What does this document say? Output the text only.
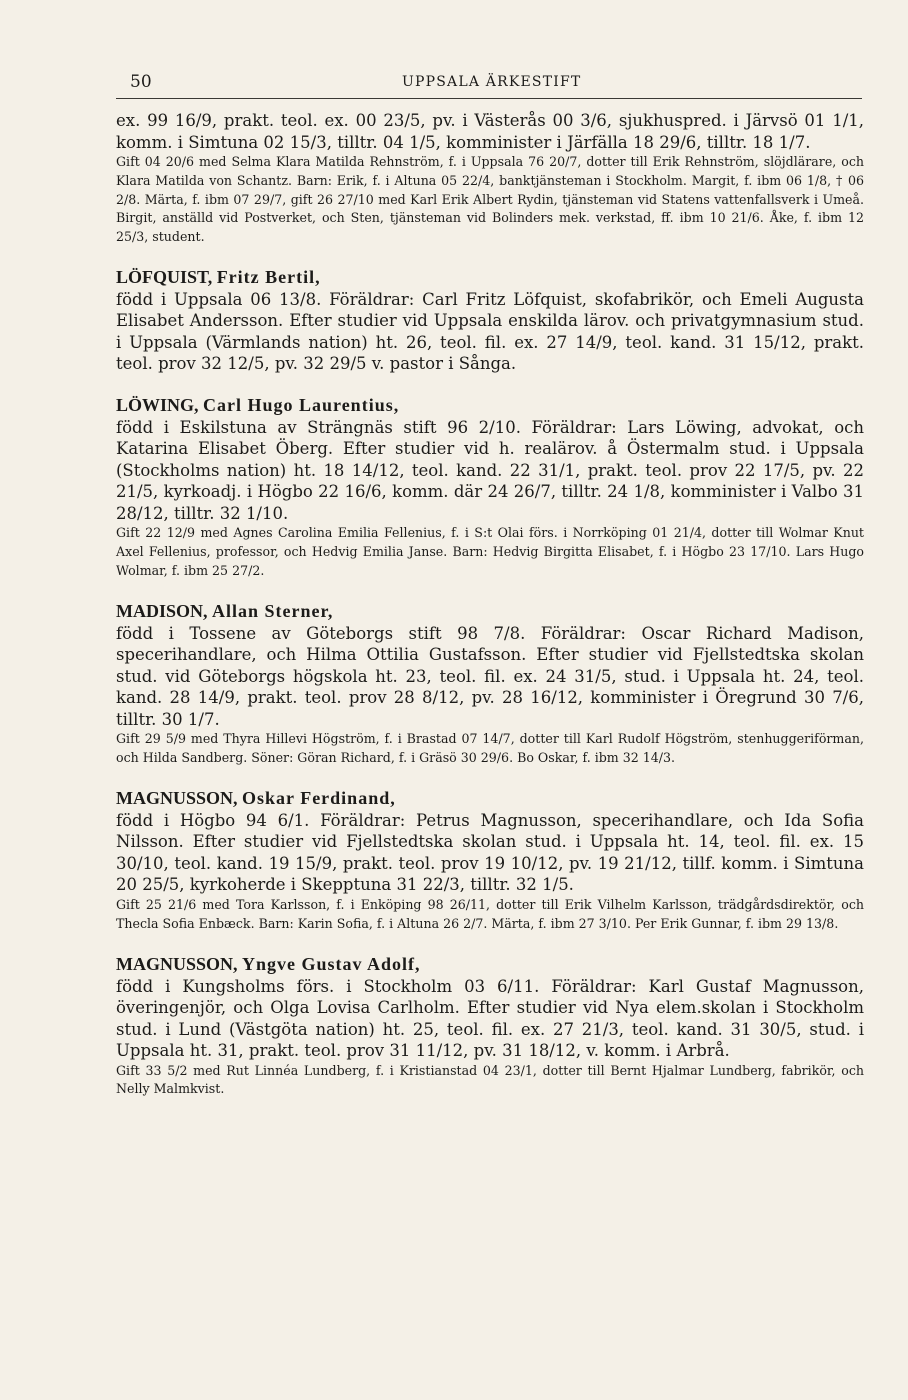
50	UPPSALA ÄRKESTIFT

ex. 99 16/9, prakt. teol. ex. 00 23/5, pv. i Västerås 00 3/6, sjukhuspred. i Järvsö 01 1/1, komm. i Simtuna 02 15/3, tilltr. 04 1/5, komminister i Järfälla 18 29/6, tilltr. 18 1/7.

Gift 04 20/6 med Selma Klara Matilda Rehnström, f. i Uppsala 76 20/7, dotter till Erik Rehnström, slöjdlärare, och Klara Matilda von Schantz. Barn: Erik, f. i Altuna 05 22/4, banktjänsteman i Stockholm. Margit, f. ibm 06 1/8, † 06 2/8. Märta, f. ibm 07 29/7, gift 26 27/10 med Karl Erik Albert Rydin, tjänsteman vid Statens vattenfallsverk i Umeå. Birgit, anställd vid Postverket, och Sten, tjänsteman vid Bolinders mek. verkstad, ff. ibm 10 21/6. Åke, f. ibm 12 25/3, student.

LÖFQUIST, Fritz Bertil,

född i Uppsala 06 13/8. Föräldrar: Carl Fritz Löfquist, skofabrikör, och Emeli Augusta Elisabet Andersson. Efter studier vid Uppsala enskilda lärov. och privatgymnasium stud. i Uppsala (Värmlands nation) ht. 26, teol. fil. ex. 27 14/9, teol. kand. 31 15/12, prakt. teol. prov 32 12/5, pv. 32 29/5 v. pastor i Sånga.

LÖWING, Carl Hugo Laurentius,

född i Eskilstuna av Strängnäs stift 96 2/10. Föräldrar: Lars Löwing, advokat, och Katarina Elisabet Öberg. Efter studier vid h. realärov. å Östermalm stud. i Uppsala (Stockholms nation) ht. 18 14/12, teol. kand. 22 31/1, prakt. teol. prov 22 17/5, pv. 22 21/5, kyrkoadj. i Högbo 22 16/6, komm. där 24 26/7, tilltr. 24 1/8, komminister i Valbo 31 28/12, tilltr. 32 1/10.

Gift 22 12/9 med Agnes Carolina Emilia Fellenius, f. i S:t Olai förs. i Norrköping 01 21/4, dotter till Wolmar Knut Axel Fellenius, professor, och Hedvig Emilia Janse. Barn: Hedvig Birgitta Elisabet, f. i Högbo 23 17/10. Lars Hugo Wolmar, f. ibm 25 27/2.

MADISON, Allan Sterner,

född i Tossene av Göteborgs stift 98 7/8. Föräldrar: Oscar Richard Madison, specerihandlare, och Hilma Ottilia Gustafsson. Efter studier vid Fjellstedtska skolan stud. vid Göteborgs högskola ht. 23, teol. fil. ex. 24 31/5, stud. i Uppsala ht. 24, teol. kand. 28 14/9, prakt. teol. prov 28 8/12, pv. 28 16/12, komminister i Öregrund 30 7/6, tilltr. 30 1/7.

Gift 29 5/9 med Thyra Hillevi Högström, f. i Brastad 07 14/7, dotter till Karl Rudolf Högström, stenhuggeriförman, och Hilda Sandberg. Söner: Göran Richard, f. i Gräsö 30 29/6. Bo Oskar, f. ibm 32 14/3.

MAGNUSSON, Oskar Ferdinand,

född i Högbo 94 6/1. Föräldrar: Petrus Magnusson, specerihandlare, och Ida Sofia Nilsson. Efter studier vid Fjellstedtska skolan stud. i Uppsala ht. 14, teol. fil. ex. 15 30/10, teol. kand. 19 15/9, prakt. teol. prov 19 10/12, pv. 19 21/12, tillf. komm. i Simtuna 20 25/5, kyrkoherde i Skepptuna 31 22/3, tilltr. 32 1/5.

Gift 25 21/6 med Tora Karlsson, f. i Enköping 98 26/11, dotter till Erik Vilhelm Karlsson, trädgårdsdirektör, och Thecla Sofia Enbæck. Barn: Karin Sofia, f. i Altuna 26 2/7. Märta, f. ibm 27 3/10. Per Erik Gunnar, f. ibm 29 13/8.

MAGNUSSON, Yngve Gustav Adolf,

född i Kungsholms förs. i Stockholm 03 6/11. Föräldrar: Karl Gustaf Magnusson, överingenjör, och Olga Lovisa Carlholm. Efter studier vid Nya elem.skolan i Stockholm stud. i Lund (Västgöta nation) ht. 25, teol. fil. ex. 27 21/3, teol. kand. 31 30/5, stud. i Uppsala ht. 31, prakt. teol. prov 31 11/12, pv. 31 18/12, v. komm. i Arbrå.

Gift 33 5/2 med Rut Linnéa Lundberg, f. i Kristianstad 04 23/1, dotter till Bernt Hjalmar Lundberg, fabrikör, och Nelly Malmkvist.
